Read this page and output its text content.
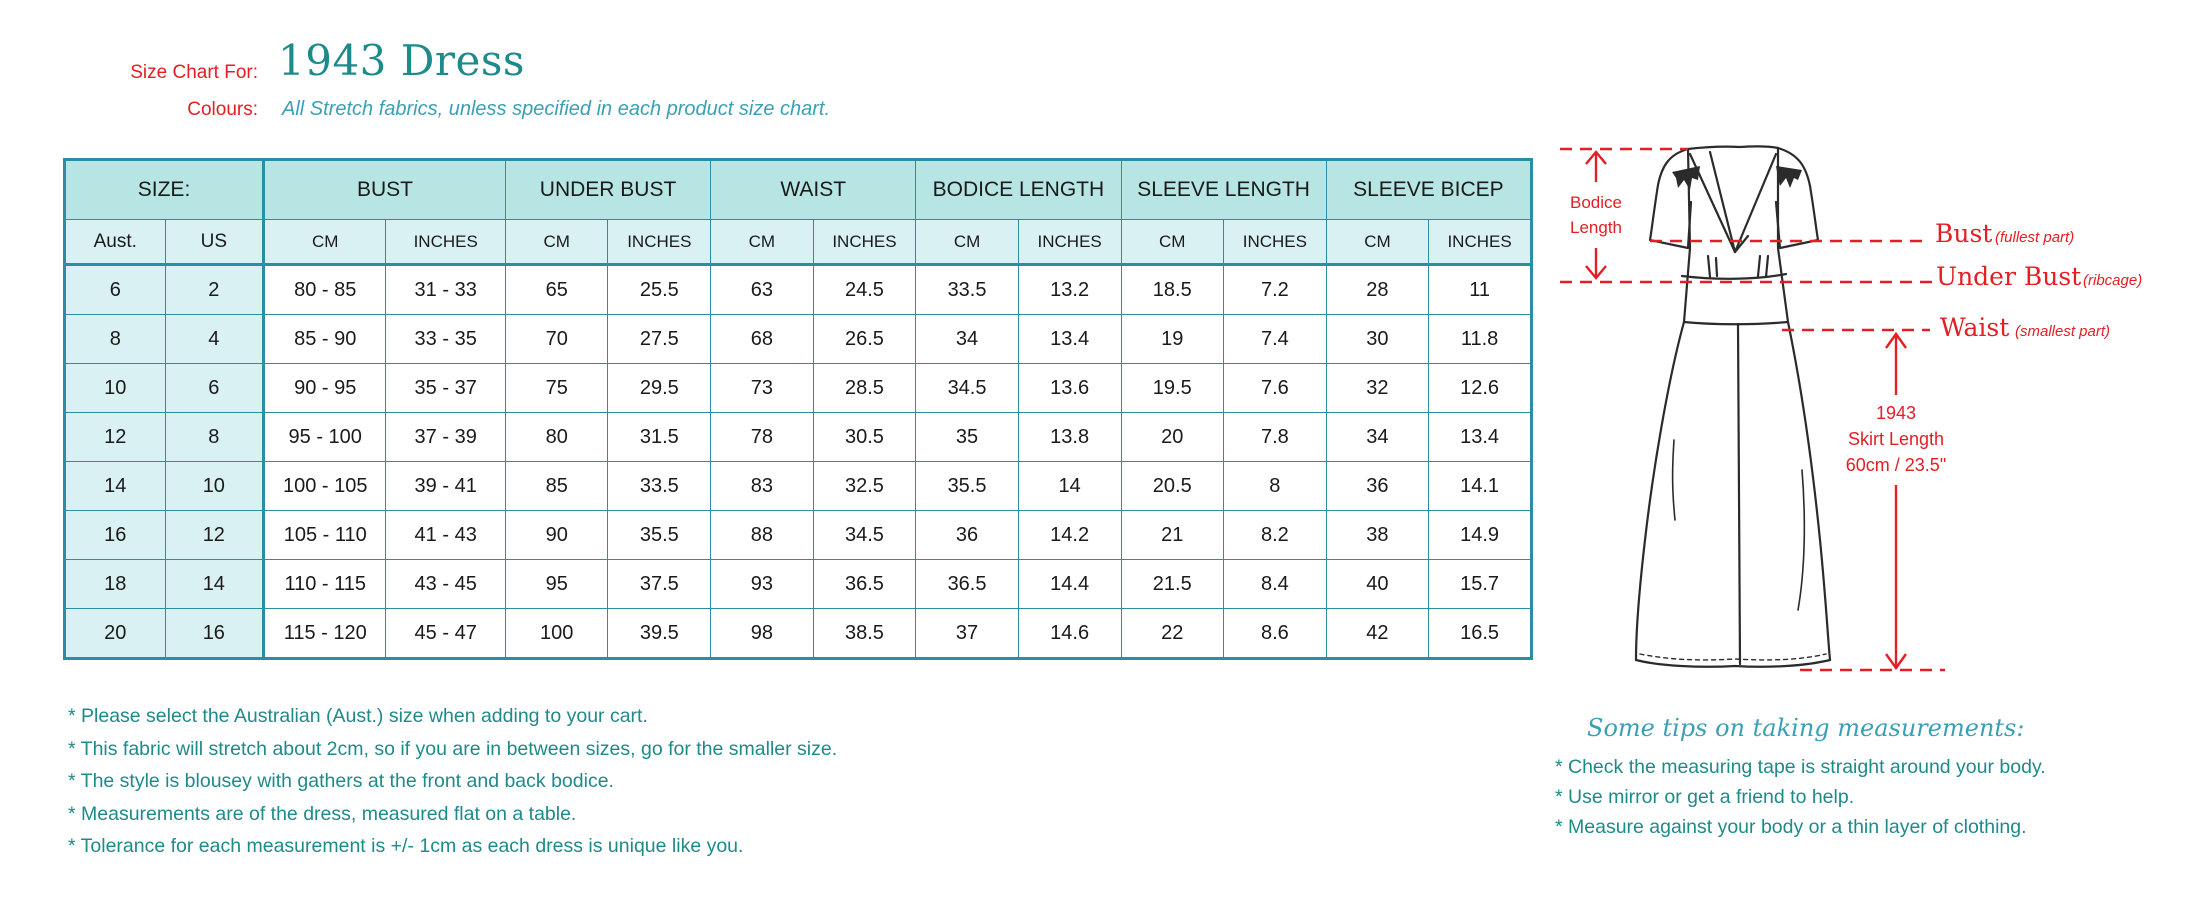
Size Chart For: 1943 Dress
Colours: All Stretch fabrics, unless specified in each product size chart.
SIZE:		BUST		UNDER BUST		WAIST		BODICE LENGTH		SLEEVE LENGTH		SLEEVE BICEP	
Aust.	US	CM	INCHES	CM	INCHES	CM	INCHES	CM	INCHES	CM	INCHES	CM	INCHES
6	2	80 - 85	31 - 33	65	25.5	63	24.5	33.5	13.2	18.5	7.2	28	11
8	4	85 - 90	33 - 35	70	27.5	68	26.5	34	13.4	19	7.4	30	11.8
10	6	90 - 95	35 - 37	75	29.5	73	28.5	34.5	13.6	19.5	7.6	32	12.6
12	8	95 - 100	37 - 39	80	31.5	78	30.5	35	13.8	20	7.8	34	13.4
14	10	100 - 105	39 - 41	85	33.5	83	32.5	35.5	14	20.5	8	36	14.1
16	12	105 - 110	41 - 43	90	35.5	88	34.5	36	14.2	21	8.2	38	14.9
18	14	110 - 115	43 - 45	95	37.5	93	36.5	36.5	14.4	21.5	8.4	40	15.7
20	16	115 - 120	45 - 47	100	39.5	98	38.5	37	14.6	22	8.6	42	16.5
* Please select the Australian (Aust.) size when adding to your cart.
* This fabric will stretch about 2cm, so if you are in between sizes, go for the smaller size.
* The style is blousey with gathers at the front and back bodice.
* Measurements are of the dress, measured flat on a table.
* Tolerance for each measurement is +/- 1cm as each dress is unique like you.
Bodice
Length	Bust (fullest part)
Under Bust (ribcage)
Waist (smallest part)
1943
Skirt Length
60cm / 23.5"
Some tips on taking measurements:
* Check the measuring tape is straight around your body.
* Use mirror or get a friend to help.
* Measure against your body or a thin layer of clothing.
